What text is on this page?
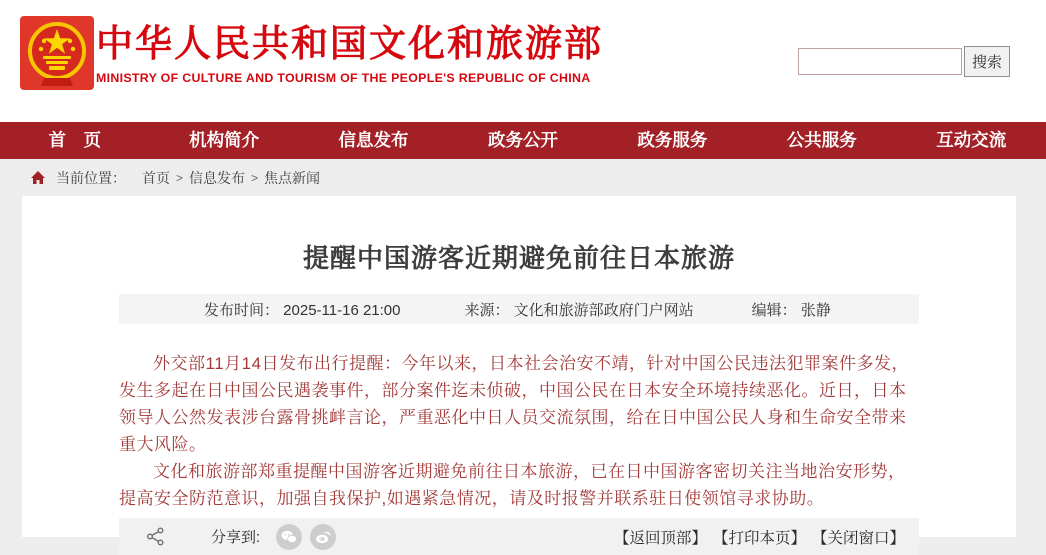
中华人民共和国文化和旅游部
MINISTRY OF CULTURE AND TOURISM OF THE PEOPLE'S REPUBLIC OF CHINA
搜索
首　页	机构简介	信息发布	政务公开	政务服务	公共服务	互动交流
当前位置： 首页 > 信息发布 > 焦点新闻
提醒中国游客近期避免前往日本旅游
发布时间： 2025-11-16 21:00	来源： 文化和旅游部政府门户网站	编辑： 张静

外交部11月14日发布出行提醒：今年以来，日本社会治安不靖，针对中国公民违法犯罪案件多发，发生多起在日中国公民遇袭事件，部分案件迄未侦破，中国公民在日本安全环境持续恶化。近日，日本领导人公然发表涉台露骨挑衅言论，严重恶化中日人员交流氛围，给在日中国公民人身和生命安全带来重大风险。

文化和旅游部郑重提醒中国游客近期避免前往日本旅游，已在日中国游客密切关注当地治安形势，提高安全防范意识，加强自我保护,如遇紧急情况，请及时报警并联系驻日使领馆寻求协助。

分享到:	【返回顶部】 【打印本页】 【关闭窗口】
